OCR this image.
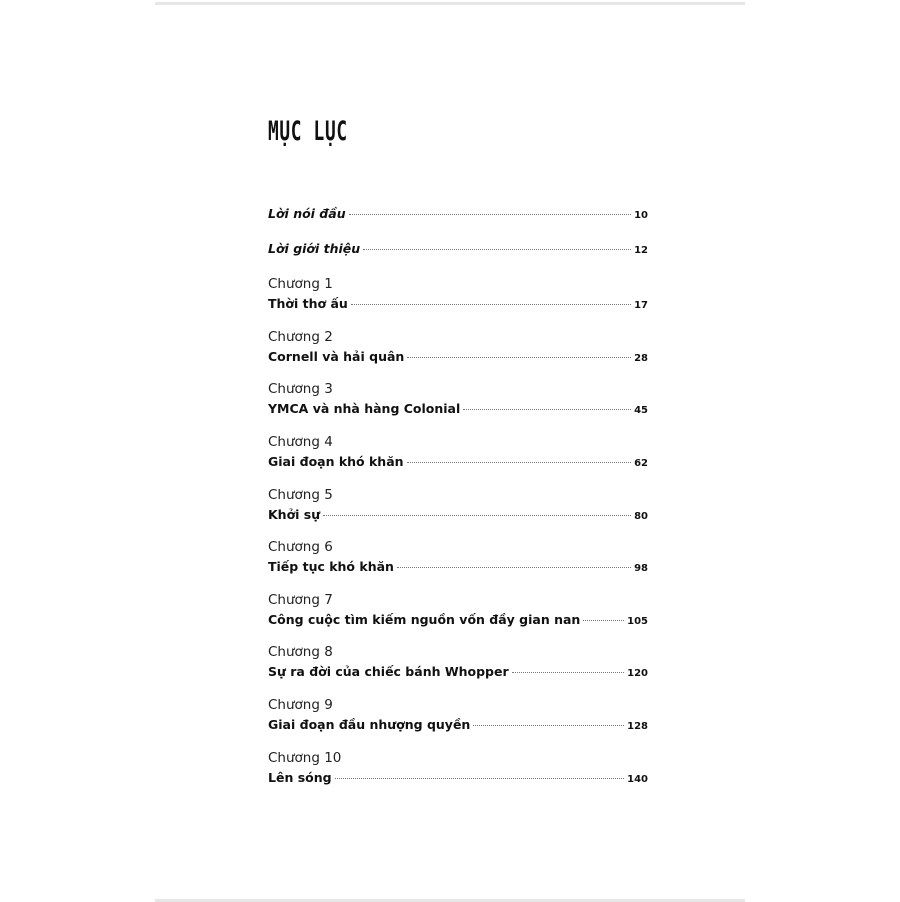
MỤC LỤC
Lời nói đầu	10
Lời giới thiệu	12
Chương 1
Thời thơ ấu	17
Chương 2
Cornell và hải quân	28
Chương 3
YMCA và nhà hàng Colonial	45
Chương 4
Giai đoạn khó khăn	62
Chương 5
Khởi sự	80
Chương 6
Tiếp tục khó khăn	98
Chương 7
Công cuộc tìm kiếm nguồn vốn đầy gian nan	105
Chương 8
Sự ra đời của chiếc bánh Whopper	120
Chương 9
Giai đoạn đầu nhượng quyền	128
Chương 10
Lên sóng	140
